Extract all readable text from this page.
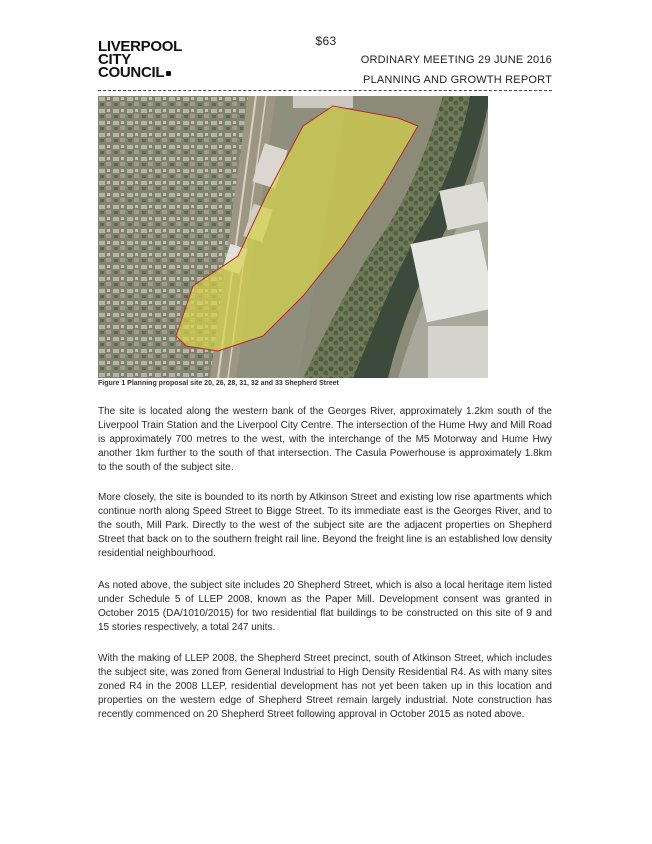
$63
LIVERPOOL
CITY
COUNCIL
ORDINARY MEETING 29 JUNE 2016
PLANNING AND GROWTH REPORT
Figure 1 Planning proposal site 20, 26, 28, 31, 32 and 33 Shepherd Street

The site is located along the western bank of the Georges River, approximately 1.2km south of the Liverpool Train Station and the Liverpool City Centre. The intersection of the Hume Hwy and Mill Road is approximately 700 metres to the west, with the interchange of the M5 Motorway and Hume Hwy another 1km further to the south of that intersection. The Casula Powerhouse is approximately 1.8km to the south of the subject site.

More closely, the site is bounded to its north by Atkinson Street and existing low rise apartments which continue north along Speed Street to Bigge Street. To its immediate east is the Georges River, and to the south, Mill Park. Directly to the west of the subject site are the adjacent properties on Shepherd Street that back on to the southern freight rail line. Beyond the freight line is an established low density residential neighbourhood.

As noted above, the subject site includes 20 Shepherd Street, which is also a local heritage item listed under Schedule 5 of LLEP 2008, known as the Paper Mill. Development consent was granted in October 2015 (DA/1010/2015) for two residential flat buildings to be constructed on this site of 9 and 15 stories respectively, a total 247 units.

With the making of LLEP 2008, the Shepherd Street precinct, south of Atkinson Street, which includes the subject site, was zoned from General Industrial to High Density Residential R4. As with many sites zoned R4 in the 2008 LLEP, residential development has not yet been taken up in this location and properties on the western edge of Shepherd Street remain largely industrial. Note construction has recently commenced on 20 Shepherd Street following approval in October 2015 as noted above.
